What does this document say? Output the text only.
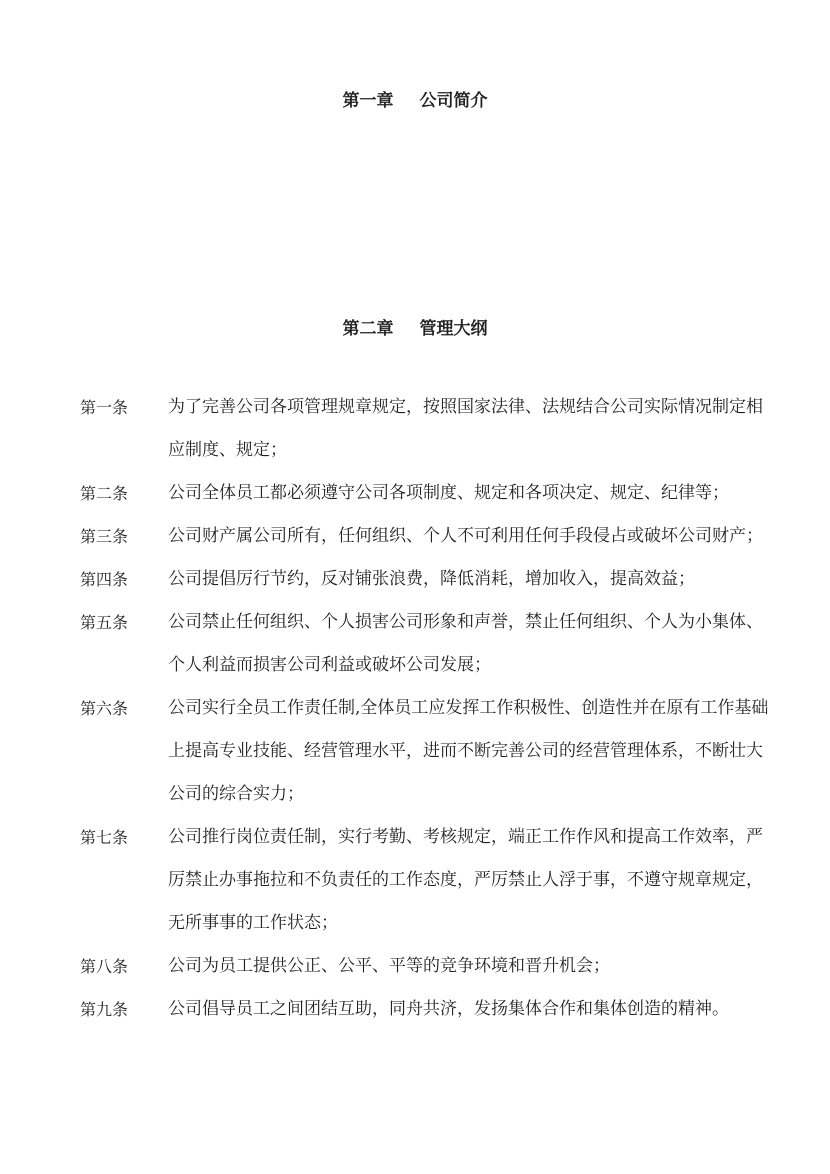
第一章 公司简介
第二章 管理大纲
第一条	为了完善公司各项管理规章规定，按照国家法律、法规结合公司实际情况制定相
应制度、规定；
第二条	公司全体员工都必须遵守公司各项制度、规定和各项决定、规定、纪律等；
第三条	公司财产属公司所有，任何组织、个人不可利用任何手段侵占或破坏公司财产；
第四条	公司提倡厉行节约，反对铺张浪费，降低消耗，增加收入，提高效益；
第五条	公司禁止任何组织、个人损害公司形象和声誉，禁止任何组织、个人为小集体、
个人利益而损害公司利益或破坏公司发展；
第六条	公司实行全员工作责任制,全体员工应发挥工作积极性、创造性并在原有工作基础
上提高专业技能、经营管理水平，进而不断完善公司的经营管理体系，不断壮大
公司的综合实力；
第七条	公司推行岗位责任制，实行考勤、考核规定，端正工作作风和提高工作效率，严
厉禁止办事拖拉和不负责任的工作态度，严厉禁止人浮于事，不遵守规章规定，
无所事事的工作状态；
第八条	公司为员工提供公正、公平、平等的竞争环境和晋升机会；
第九条	公司倡导员工之间团结互助，同舟共济，发扬集体合作和集体创造的精神。
